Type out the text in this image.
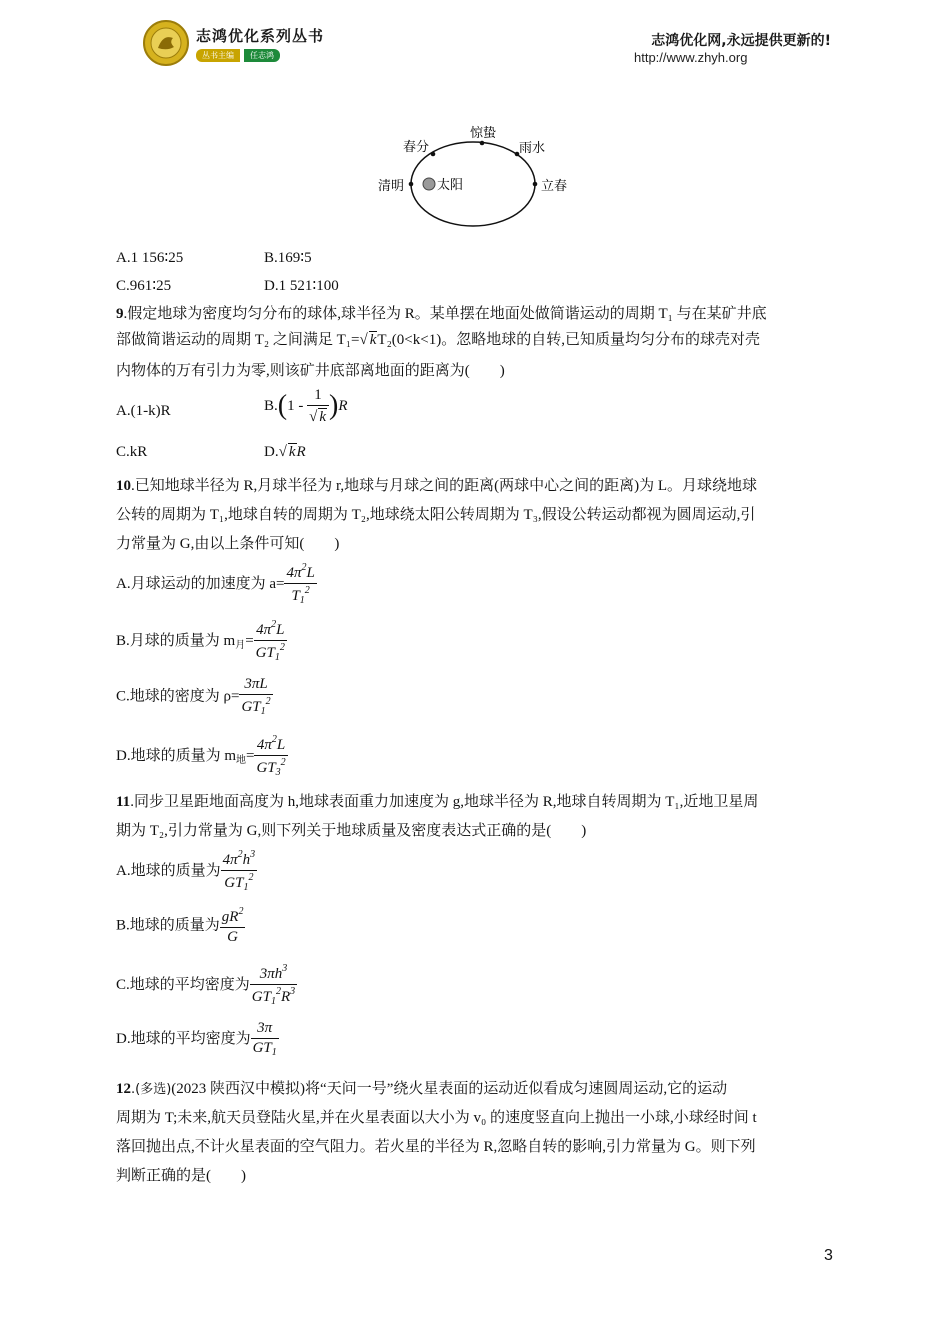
志鸿优化系列丛书
丛书主编	任志鸿
志鸿优化网,永远提供更新的!
http://www.zhyh.org
春分
惊蛰
雨水
清明	太阳	立春
A.1 156∶25	B.169∶5
C.961∶25	D.1 521∶100
9.假定地球为密度均匀分布的球体,球半径为 R。某单摆在地面处做简谐运动的周期 T₁ 与在某矿井底
部做简谐运动的周期 T₂ 之间满足 T₁=√ kT₂(0<k<1)。忽略地球的自转,已知质量均匀分布的球壳对壳
内物体的万有引力为零,则该矿井底部离地面的距离为(　　)
A.(1-k)R	$B.(1 - \frac{1}{√ k} )R$
C.kR	D.√ kR
10.已知地球半径为 R,月球半径为 r,地球与月球之间的距离(两球中心之间的距离)为 L。月球绕地球
公转的周期为 T₁,地球自转的周期为 T₂,地球绕太阳公转周期为 T₃,假设公转运动都视为圆周运动,引
力常量为 G,由以上条件可知(　　)
A.月球运动的加速度为 $a= \frac{4\pi^2L}{T_1^2}$
B.月球的质量为 $m_月= \frac{4\pi^2L}{GT_1^2}$
C.地球的密度为 $\rho= \frac{3\pi L}{GT_1^2}$
D.地球的质量为 $m_地= \frac{4\pi^2L}{GT_3^2}$
11.同步卫星距地面高度为 h,地球表面重力加速度为 g,地球半径为 R,地球自转周期为 T₁,近地卫星周
期为 T₂,引力常量为 G,则下列关于地球质量及密度表达式正确的是(　　)
A.地球的质量为 $\frac{4\pi^2h^3}{GT_1^2}$
B.地球的质量为 $\frac{gR^2}{G}$
C.地球的平均密度为 $\frac{3\pi h^3}{GT_1^2R^3}$
D.地球的平均密度为 $\frac{3\pi}{GT_1}$
12.(多选)(2023 陕西汉中模拟)将“天问一号”绕火星表面的运动近似看成匀速圆周运动,它的运动
周期为 T;未来,航天员登陆火星,并在火星表面以大小为 v₀ 的速度竖直向上抛出一小球,小球经时间 t
落回抛出点,不计火星表面的空气阻力。若火星的半径为 R,忽略自转的影响,引力常量为 G。则下列
判断正确的是(　　)
3
